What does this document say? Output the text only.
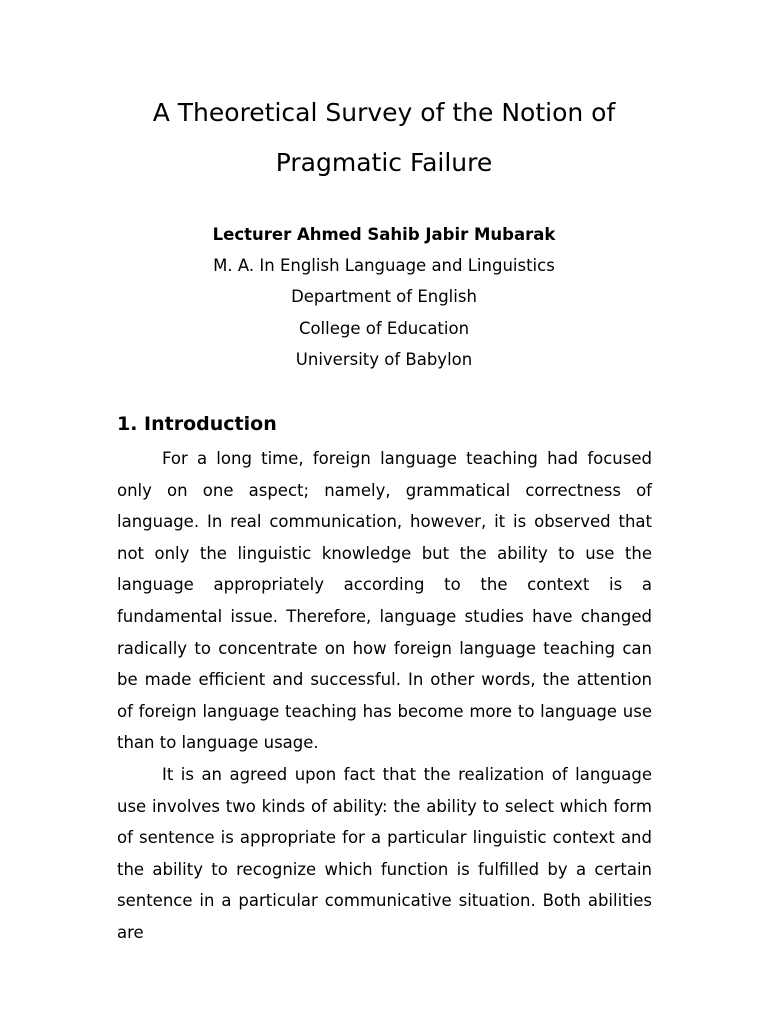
A Theoretical Survey of the Notion of
Pragmatic Failure
Lecturer Ahmed Sahib Jabir Mubarak
M. A. In English Language and Linguistics
Department of English
College of Education
University of Babylon
1. Introduction

For a long time, foreign language teaching had focused only on one aspect; namely, grammatical correctness of language. In real communication, however, it is observed that not only the linguistic knowledge but the ability to use the language appropriately according to the context is a fundamental issue. Therefore, language studies have changed radically to concentrate on how foreign language teaching can be made efficient and successful. In other words, the attention of foreign language teaching has become more to language use than to language usage.

It is an agreed upon fact that the realization of language use involves two kinds of ability: the ability to select which form of sentence is appropriate for a particular linguistic context and the ability to recognize which function is fulfilled by a certain sentence in a particular communicative situation. Both abilities are
